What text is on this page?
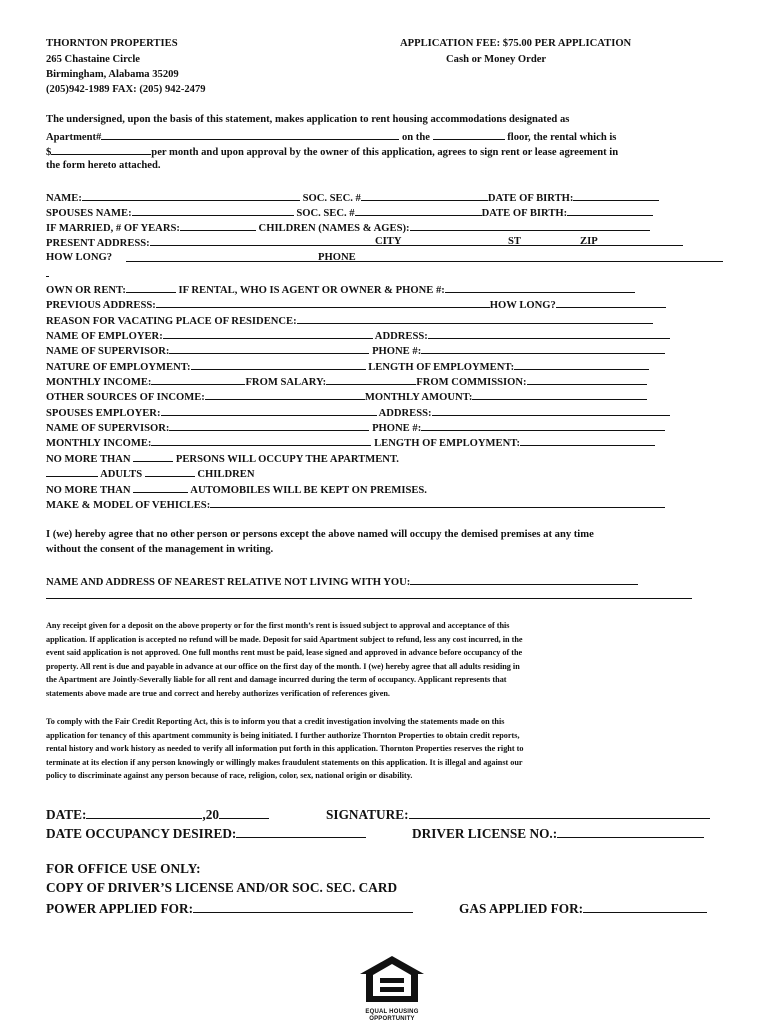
THORNTON PROPERTIES
265 Chastaine Circle
Birmingham, Alabama 35209
(205)942-1989 FAX: (205) 942-2479
APPLICATION FEE: $75.00 PER APPLICATION
Cash or Money Order
The undersigned, upon the basis of this statement, makes application to rent housing accommodations designated as
Apartment#	on the	floor, the rental which is
$	per month and upon approval by the owner of this application, agrees to sign rent or lease agreement in
the form hereto attached.
NAME:	SOC. SEC. #	DATE OF BIRTH:
SPOUSES NAME:	SOC. SEC. #	DATE OF BIRTH:
IF MARRIED, # OF YEARS:	CHILDREN (NAMES & AGES):
PRESENT ADDRESS:	CITY	ST	ZIP
HOW LONG?	PHONE
OWN OR RENT:	IF RENTAL, WHO IS AGENT OR OWNER & PHONE #:
PREVIOUS ADDRESS:	HOW LONG?
REASON FOR VACATING PLACE OF RESIDENCE:
NAME OF EMPLOYER:	ADDRESS:
NAME OF SUPERVISOR:	PHONE #:
NATURE OF EMPLOYMENT:	LENGTH OF EMPLOYMENT:
MONTHLY INCOME:	FROM SALARY:	FROM COMMISSION:
OTHER SOURCES OF INCOME:	MONTHLY AMOUNT:
SPOUSES EMPLOYER:	ADDRESS:
NAME OF SUPERVISOR:	PHONE #:
MONTHLY INCOME:	LENGTH OF EMPLOYMENT:
NO MORE THAN	PERSONS WILL OCCUPY THE APARTMENT.
ADULTS	CHILDREN
NO MORE THAN	AUTOMOBILES WILL BE KEPT ON PREMISES.
MAKE & MODEL OF VEHICLES:
I (we) hereby agree that no other person or persons except the above named will occupy the demised premises at any time
without the consent of the management in writing.
NAME AND ADDRESS OF NEAREST RELATIVE NOT LIVING WITH YOU:
Any receipt given for a deposit on the above property or for the first month’s rent is issued subject to approval and acceptance of this
application. If application is accepted no refund will be made. Deposit for said Apartment subject to refund, less any cost incurred, in the
event said application is not approved. One full months rent must be paid, lease signed and approved in advance before occupancy of the
property. All rent is due and payable in advance at our office on the first day of the month. I (we) hereby agree that all adults residing in
the Apartment are Jointly-Severally liable for all rent and damage incurred during the term of occupancy. Applicant represents that
statements above made are true and correct and hereby authorizes verification of references given.
To comply with the Fair Credit Reporting Act, this is to inform you that a credit investigation involving the statements made on this
application for tenancy of this apartment community is being initiated. I further authorize Thornton Properties to obtain credit reports,
rental history and work history as needed to verify all information put forth in this application. Thornton Properties reserves the right to
terminate at its election if any person knowingly or willingly makes fraudulent statements on this application. It is illegal and against our
policy to discriminate against any person because of race, religion, color, sex, national origin or disability.
DATE:	,20	SIGNATURE:
DATE OCCUPANCY DESIRED:	DRIVER LICENSE NO.:
FOR OFFICE USE ONLY:
COPY OF DRIVER’S LICENSE AND/OR SOC. SEC. CARD
POWER APPLIED FOR:	GAS APPLIED FOR:
EQUAL HOUSING
OPPORTUNITY
